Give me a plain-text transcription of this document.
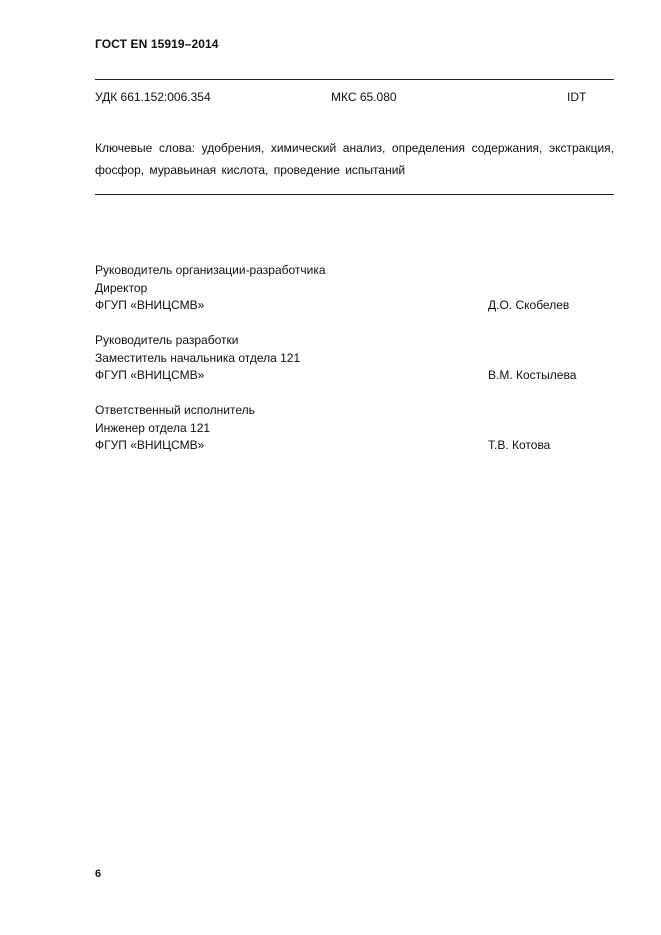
ГОСТ EN 15919–2014
УДК 661.152:006.354	МКС 65.080	IDT
Ключевые слова: удобрения, химический анализ, определения содержания, экстракция, фосфор, муравьиная кислота, проведение испытаний
Руководитель организации-разработчика
Директор
ФГУП «ВНИЦСМВ»	Д.О. Скобелев
Руководитель разработки
Заместитель начальника отдела 121
ФГУП «ВНИЦСМВ»	В.М. Костылева
Ответственный исполнитель
Инженер отдела 121
ФГУП «ВНИЦСМВ»	Т.В. Котова
6
